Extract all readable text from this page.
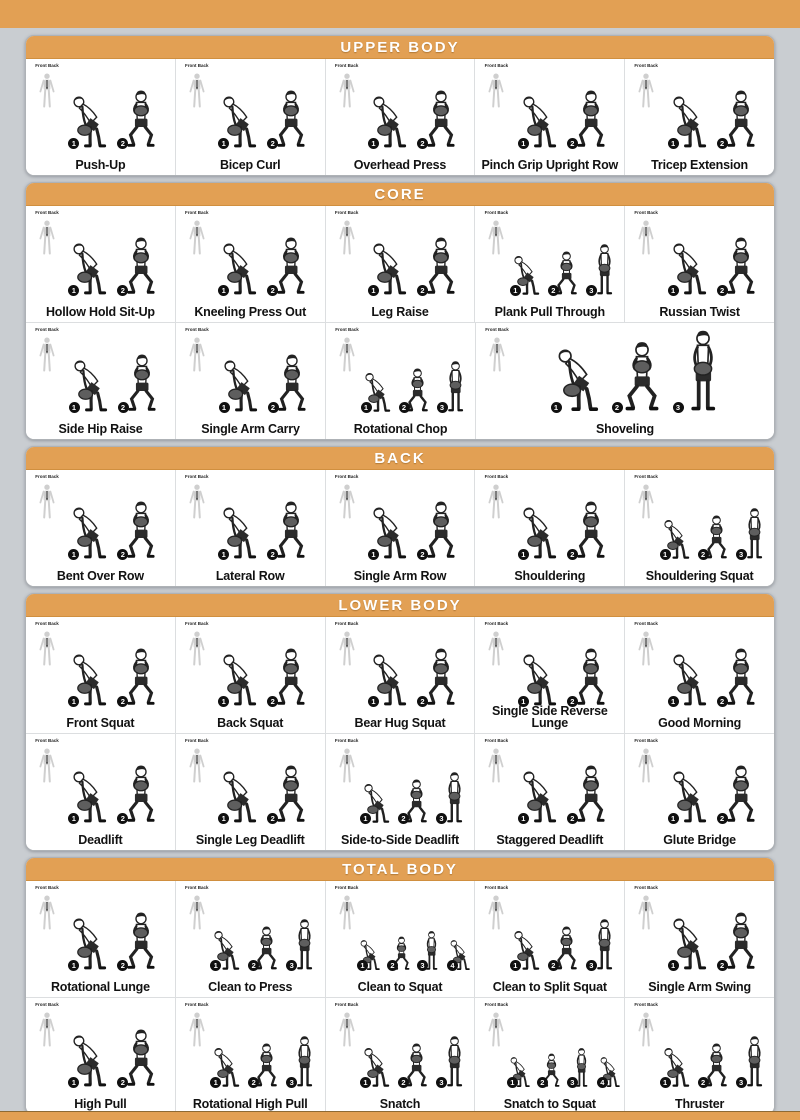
UPPER BODY
Front Back
1	2
Push-Up
Front Back
1	2
Bicep Curl
Front Back
1	2
Overhead Press
Front Back
1	2
Pinch Grip Upright Row
Front Back
1	2
Tricep Extension
CORE
Front Back
1	2
Hollow Hold Sit-Up
Front Back
1	2
Kneeling Press Out
Front Back
1	2
Leg Raise
Front Back
1	2	3
Plank Pull Through
Front Back
1	2
Russian Twist
Front Back
1	2
Side Hip Raise
Front Back
1	2
Single Arm Carry
Front Back
1	2	3
Rotational Chop
Front Back
1	2	3
Shoveling
BACK
Front Back
1	2
Bent Over Row
Front Back
1	2
Lateral Row
Front Back
1	2
Single Arm Row
Front Back
1	2
Shouldering
Front Back
1	2	3
Shouldering Squat
LOWER BODY
Front Back
1	2
Front Squat
Front Back
1	2
Back Squat
Front Back
1	2
Bear Hug Squat
Front Back
1	2
Single Side Reverse Lunge
Front Back
1	2
Good Morning
Front Back
1	2
Deadlift
Front Back
1	2
Single Leg Deadlift
Front Back
1	2	3
Side-to-Side Deadlift
Front Back
1	2
Staggered Deadlift
Front Back
1	2
Glute Bridge
TOTAL BODY
Front Back
1	2
Rotational Lunge
Front Back
1	2	3
Clean to Press
Front Back
1	2	3	4
Clean to Squat
Front Back
1	2	3
Clean to Split Squat
Front Back
1	2
Single Arm Swing
Front Back
1	2
High Pull
Front Back
1	2	3
Rotational High Pull
Front Back
1	2	3
Snatch
Front Back
1	2	3	4
Snatch to Squat
Front Back
1	2	3
Thruster
